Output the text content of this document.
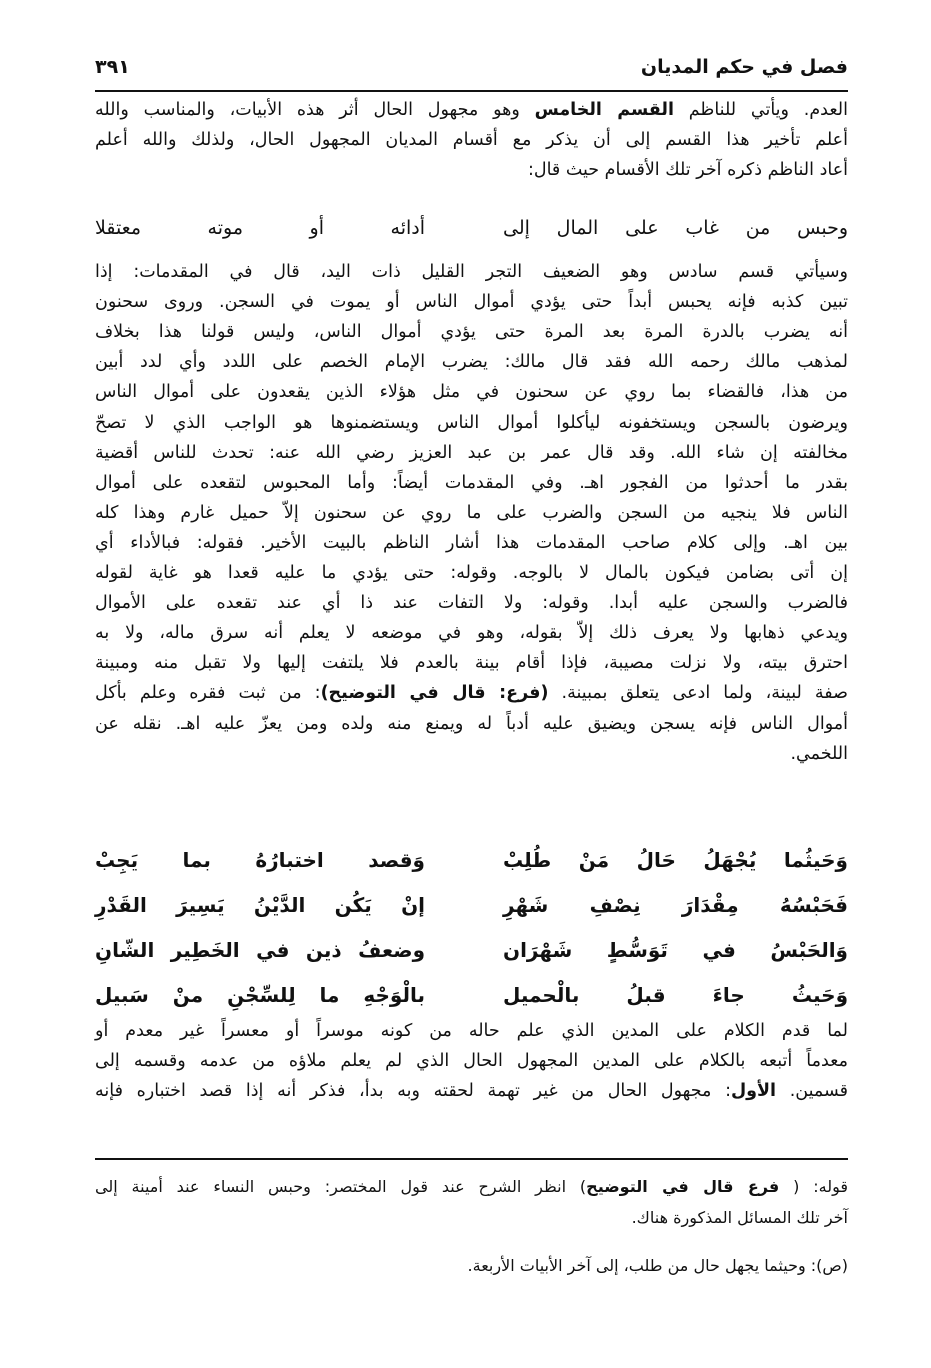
فصل في حكم المديان
٣٩١
العدم. ويأتي للناظم القسم الخامس وهو مجهول الحال أثر هذه الأبيات، والمناسب والله
أعلم تأخير هذا القسم إلى أن يذكر مع أقسام المديان المجهول الحال، ولذلك والله أعلم
أعاد الناظم ذكره آخر تلك الأقسام حيث قال:
وحبس من غاب على المال إلى
أدائه أو موته معتقلا
وسيأتي قسم سادس وهو الضعيف التجر القليل ذات اليد، قال في المقدمات: إذا
تبين كذبه فإنه يحبس أبداً حتى يؤدي أموال الناس أو يموت في السجن. وروى سحنون
أنه يضرب بالدرة المرة بعد المرة حتى يؤدي أموال الناس، وليس قولنا هذا بخلاف
لمذهب مالك رحمه الله فقد قال مالك: يضرب الإمام الخصم على اللدد وأي لدد أبين
من هذا، فالقضاء بما روي عن سحنون في مثل هؤلاء الذين يقعدون على أموال الناس
ويرضون بالسجن ويستخفونه ليأكلوا أموال الناس ويستضمنوها هو الواجب الذي لا تصحّ
مخالفته إن شاء الله. وقد قال عمر بن عبد العزيز رضي الله عنه: تحدث للناس أقضية
بقدر ما أحدثوا من الفجور اهـ. وفي المقدمات أيضاً: وأما المحبوس لتقعده على أموال
الناس فلا ينجيه من السجن والضرب على ما روي عن سحنون إلاّ حميل غارم وهذا كله
بين اهـ. وإلى كلام صاحب المقدمات هذا أشار الناظم بالبيت الأخير. فقوله: فبالأداء أي
إن أتى بضامن فيكون بالمال لا بالوجه. وقوله: حتى يؤدي ما عليه قعدا هو غاية لقوله
فالضرب والسجن عليه أبدا. وقوله: ولا التفات عند ذا أي عند تقعده على الأموال
ويدعي ذهابها ولا يعرف ذلك إلاّ بقوله، وهو في موضعه لا يعلم أنه سرق ماله، ولا به
احترق بيته، ولا نزلت مصيبة، فإذا أقام بينة بالعدم فلا يلتفت إليها ولا تقبل منه ومبينة
صفة لبينة، ولما ادعى يتعلق بمبينة. (فرع: قال في التوضيح): من ثبت فقره وعلم بأكل
أموال الناس فإنه يسجن ويضيق عليه أدباً له ويمنع منه ولده ومن يعزّ عليه اهـ. نقله عن
اللخمي.
وَحَيثُما يُجْهَلُ حَالُ مَنْ طُلِبْ
وَقصد اختبارُهُ بما يَجِبْ
فَحَبْسُهُ مِقْدَارَ نِصْفِ شَهْرِ
إنْ يَكُن الدَّيْنُ يَسِيرَ القَدْرِ
وَالحَبْسُ في تَوَسُّطٍ شَهْرَان
وضعفُ ذين في الخَطِير الشّانِ
وَحَيثُ جاءَ قبلُ بالْحميل
بالْوَجْهِ ما لِلسِّجْنِ منْ سَبيل
لما قدم الكلام على المدين الذي علم حاله من كونه موسراً أو معسراً غير معدم أو
معدماً أتبعه بالكلام على المدين المجهول الحال الذي لم يعلم ملاؤه من عدمه وقسمه إلى
قسمين. الأول: مجهول الحال من غير تهمة لحقته وبه بدأ، فذكر أنه إذا قصد اختباره فإنه
قوله: ( فرع قال في التوضيح) انظر الشرح عند قول المختصر: وحبس النساء عند أمينة إلى
آخر تلك المسائل المذكورة هناك.
(ص): وحيثما يجهل حال من طلب، إلى آخر الأبيات الأربعة.
